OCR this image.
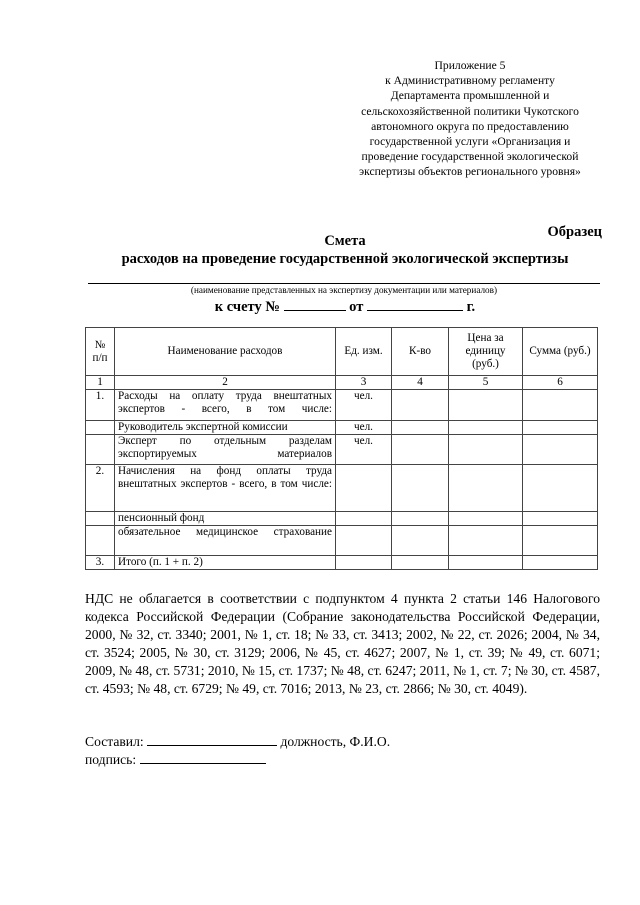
Приложение 5
к Административному регламенту
Департамента промышленной и
сельскохозяйственной политики Чукотского
автономного округа по предоставлению
государственной услуги «Организация и
проведение государственной экологической
экспертизы объектов регионального уровня»
Образец
Смета
расходов на проведение государственной экологической экспертизы
(наименование представленных на экспертизу документации или материалов)
к счету №	от	г.
№ п/п	Наименование расходов	Ед. изм.	К-во	Цена за единицу (руб.)	Сумма (руб.)
1	2	3	4	5	6
1.	Расходы на оплату труда внештатных экспертов - всего, в том числе:	чел.			
	Руководитель экспертной комиссии	чел.			
	Эксперт по отдельным разделам экспортируемых материалов	чел.			
2.	Начисления на фонд оплаты труда внештатных экспертов - всего, в том числе:				
	пенсионный фонд				
	обязательное медицинское страхование				
3.	Итого (п. 1 + п. 2)				
НДС не облагается в соответствии с подпунктом 4 пункта 2 статьи 146 Налогового кодекса Российской Федерации (Собрание законодательства Российской Федерации, 2000, № 32, ст. 3340; 2001, № 1, ст. 18; № 33, ст. 3413; 2002, № 22, ст. 2026; 2004, № 34, ст. 3524; 2005, № 30, ст. 3129; 2006, № 45, ст. 4627; 2007, № 1, ст. 39; № 49, ст. 6071; 2009, № 48, ст. 5731; 2010, № 15, ст. 1737; № 48, ст. 6247; 2011, № 1, ст. 7; № 30, ст. 4587, ст. 4593; № 48, ст. 6729; № 49, ст. 7016; 2013, № 23, ст. 2866; № 30, ст. 4049).
Составил:	должность, Ф.И.О.
подпись:
